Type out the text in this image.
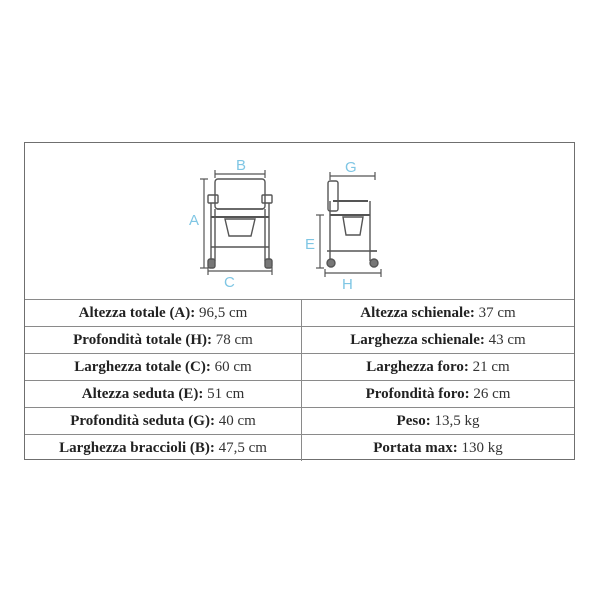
B
A
C
G
E
H
Altezza totale (A): 96,5 cm	Altezza schienale: 37 cm
Profondità totale (H): 78 cm	Larghezza schienale: 43 cm
Larghezza totale (C): 60 cm	Larghezza foro: 21 cm
Altezza seduta (E): 51 cm	Profondità foro: 26 cm
Profondità seduta (G): 40 cm	Peso: 13,5 kg
Larghezza braccioli (B): 47,5 cm	Portata max: 130 kg
